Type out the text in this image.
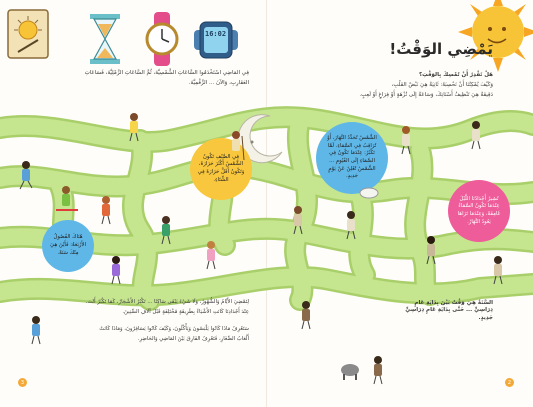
16:02
يَمْضِي الوَقْتُ!
هَلْ تَقْدِرُ أَنْ تُمْسِكَ بِالوَقْتِ؟
وَكَيْفَ يُمْكِنُنَا أَنْ نَحْسِبَهُ: ثَانِيَةٌ هِيَ نَبْضُ القَلْبِ،
دَقِيقَةٌ هِيَ تَنْظِيفُ أَسْنَانِكَ، وَسَاعَةٌ إِلَى نُزْهَةٍ أَوْ فِرَاغٍ أَوْ لَعِبٍ.
فِي المَاضِي اسْتَخْدَمُوا السَّاعَاتِ الشَّمْسِيَّةَ، ثُمَّ السَّاعَاتِ الرَّمْلِيَّةَ، فَسَاعَاتِ
العَقَارِبِ، وَالآنَ ... الرَّقْمِيَّةَ.
فِي الصَّيْفِ تَكُونُ الشَّمْسُ أَكْثَرَ حَرَارَةً، وَتَكُونُ أَقَلَّ حَرَارَةً فِي الشِّتَاءِ.
هُنَاكَ الفُصُولُ الأَرْبَعَةُ: فَأَيْنَ هِيَ مِنْكَ سَنَةٌ.
الشَّمْسُ تُحَدِّدُ النَّهَارَ، أَوْ تُرَاقِبُ فِي السَّمَاءِ. لَمَّا تَكْبُرُ: عِنْدَمَا تَكُونُ فِي السَّمَاءِ إِلَى الغُيُومِ ... الشَّمْسُ تُعْلِنُ عَنْ يَوْمٍ جَدِيدٍ.
تُشِيرُ أَجْدَادُنَا اللَّيْلَ عِنْدَمَا تَكُونُ السَّمَاءُ غَامِقَةً، وَعِنْدَمَا تَرَاهَا يَعُودُ النَّهَارُ.
لِتَمْضِيَ الأَيَّامُ وَالشُّهُورُ، وَلَا شَيْءَ يَبْقَى سَاكِنًا ... تَكْبُرُ الأَشْجَارُ، كَمَا تَكْبُرُ أَنْتَ.
عِنْدَ أَجْدَادِنَا كَانَتِ الأَشْيَاءُ بِطَرِيقَةٍ مُخْتَلِفَةٍ قَبْلَ آلَافِ السِّنِينَ.
سَتَعْرِفُ مَاذَا كَانُوا يَلْبَسُونَ وَيَأْكُلُونَ، وَكَيْفَ كَانُوا يَسَافِرُونَ، وَمَاذَا كَانَتْ
أَلْعَابُ الصِّغَارِ، فَتَعْرِفُ الفَارِقَ بَيْنَ المَاضِي وَالحَاضِرِ.
السَّنَةُ هِيَ وَقْتٌ بَيْنَ بِدَايَةِ عَامٍ دِرَاسِيٍّ ... حَتَّى بِدَايَةِ عَامٍ دِرَاسِيٍّ جَدِيدٍ.
3	2
